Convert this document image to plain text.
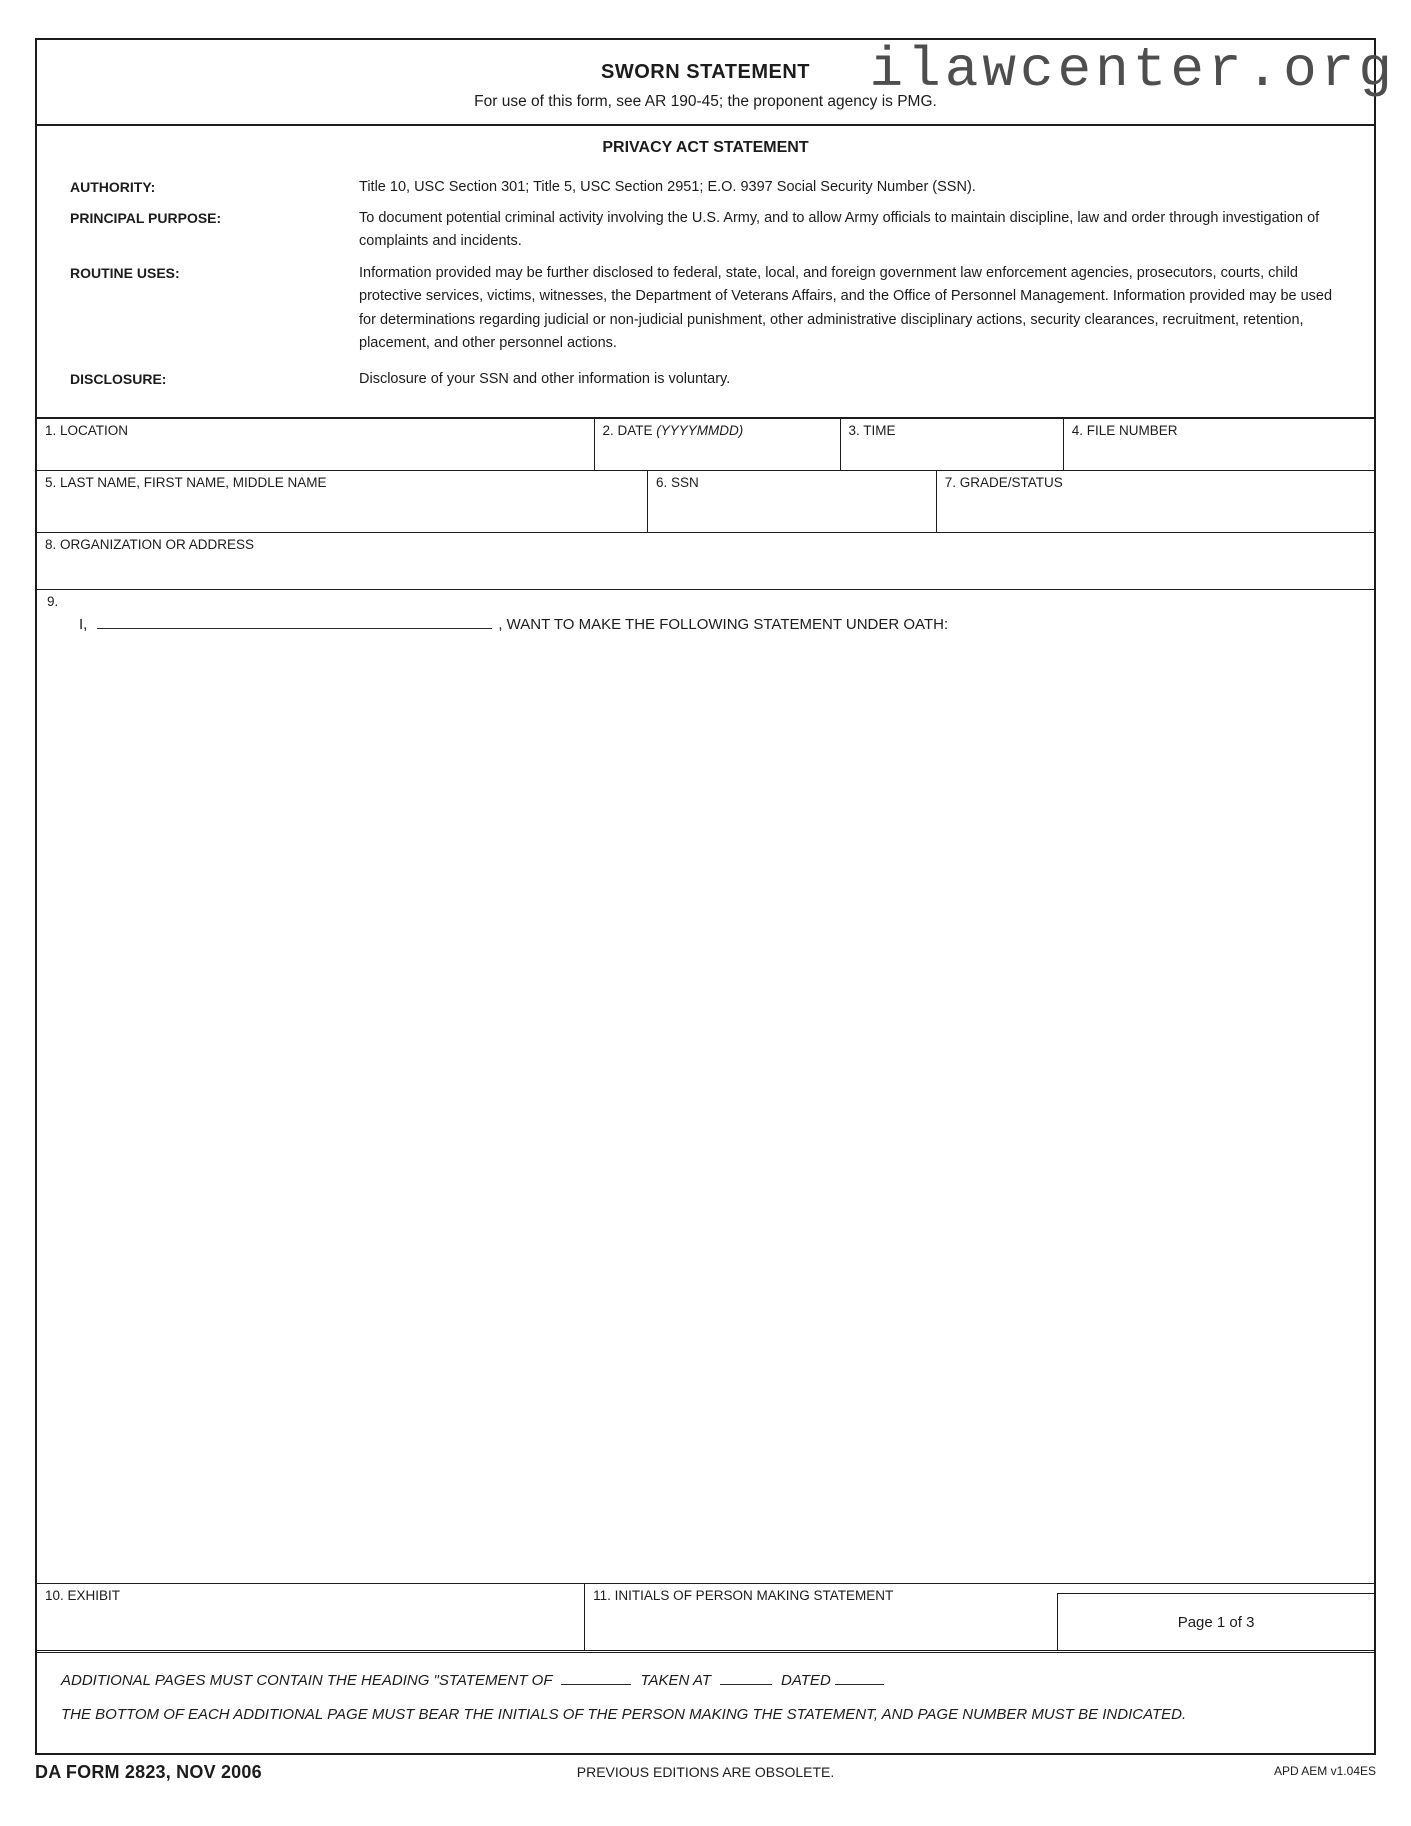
SWORN STATEMENT
For use of this form, see AR 190-45; the proponent agency is PMG.
ilawcenter.org
PRIVACY ACT STATEMENT
AUTHORITY:	Title 10, USC Section 301; Title 5, USC Section 2951; E.O. 9397 Social Security Number (SSN).
PRINCIPAL PURPOSE:	To document potential criminal activity involving the U.S. Army, and to allow Army officials to maintain discipline, law and order through investigation of complaints and incidents.
ROUTINE USES:	Information provided may be further disclosed to federal, state, local, and foreign government law enforcement agencies, prosecutors, courts, child protective services, victims, witnesses, the Department of Veterans Affairs, and the Office of Personnel Management. Information provided may be used for determinations regarding judicial or non-judicial punishment, other administrative disciplinary actions, security clearances, recruitment, retention, placement, and other personnel actions.
DISCLOSURE:	Disclosure of your SSN and other information is voluntary.
1. LOCATION	2. DATE (YYYYMMDD)	3. TIME	4. FILE NUMBER
5. LAST NAME, FIRST NAME, MIDDLE NAME	6. SSN	7. GRADE/STATUS
8. ORGANIZATION OR ADDRESS
9.
I,	, WANT TO MAKE THE FOLLOWING STATEMENT UNDER OATH:
10. EXHIBIT	11. INITIALS OF PERSON MAKING STATEMENT
Page 1 of 3
ADDITIONAL PAGES MUST CONTAIN THE HEADING "STATEMENT OF	TAKEN AT	DATED
THE BOTTOM OF EACH ADDITIONAL PAGE MUST BEAR THE INITIALS OF THE PERSON MAKING THE STATEMENT, AND PAGE NUMBER MUST BE INDICATED.
DA FORM 2823, NOV 2006	PREVIOUS EDITIONS ARE OBSOLETE.	APD AEM v1.04ES
